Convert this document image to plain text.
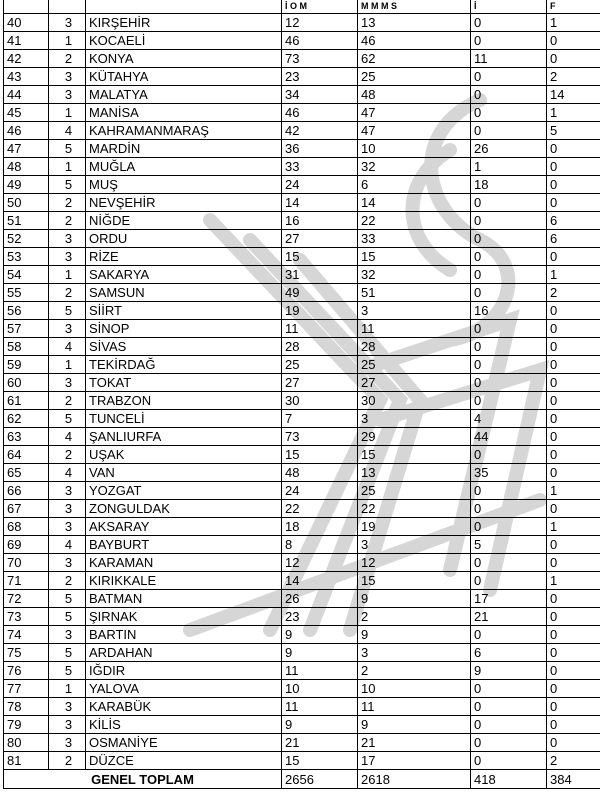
			İ O M	M M M S	İ	F
40	3	KIRŞEHİR	12	13	0	1
41	1	KOCAELİ	46	46	0	0
42	2	KONYA	73	62	11	0
43	3	KÜTAHYA	23	25	0	2
44	3	MALATYA	34	48	0	14
45	1	MANİSA	46	47	0	1
46	4	KAHRAMANMARAŞ	42	47	0	5
47	5	MARDİN	36	10	26	0
48	1	MUĞLA	33	32	1	0
49	5	MUŞ	24	6	18	0
50	2	NEVŞEHİR	14	14	0	0
51	2	NİĞDE	16	22	0	6
52	3	ORDU	27	33	0	6
53	3	RİZE	15	15	0	0
54	1	SAKARYA	31	32	0	1
55	2	SAMSUN	49	51	0	2
56	5	SİİRT	19	3	16	0
57	3	SİNOP	11	11	0	0
58	4	SİVAS	28	28	0	0
59	1	TEKİRDAĞ	25	25	0	0
60	3	TOKAT	27	27	0	0
61	2	TRABZON	30	30	0	0
62	5	TUNCELİ	7	3	4	0
63	4	ŞANLIURFA	73	29	44	0
64	2	UŞAK	15	15	0	0
65	4	VAN	48	13	35	0
66	3	YOZGAT	24	25	0	1
67	3	ZONGULDAK	22	22	0	0
68	3	AKSARAY	18	19	0	1
69	4	BAYBURT	8	3	5	0
70	3	KARAMAN	12	12	0	0
71	2	KIRIKKALE	14	15	0	1
72	5	BATMAN	26	9	17	0
73	5	ŞIRNAK	23	2	21	0
74	3	BARTIN	9	9	0	0
75	5	ARDAHAN	9	3	6	0
76	5	IĞDIR	11	2	9	0
77	1	YALOVA	10	10	0	0
78	3	KARABÜK	11	11	0	0
79	3	KİLİS	9	9	0	0
80	3	OSMANİYE	21	21	0	0
81	2	DÜZCE	15	17	0	2
GENEL TOPLAM			2656	2618	418	384
